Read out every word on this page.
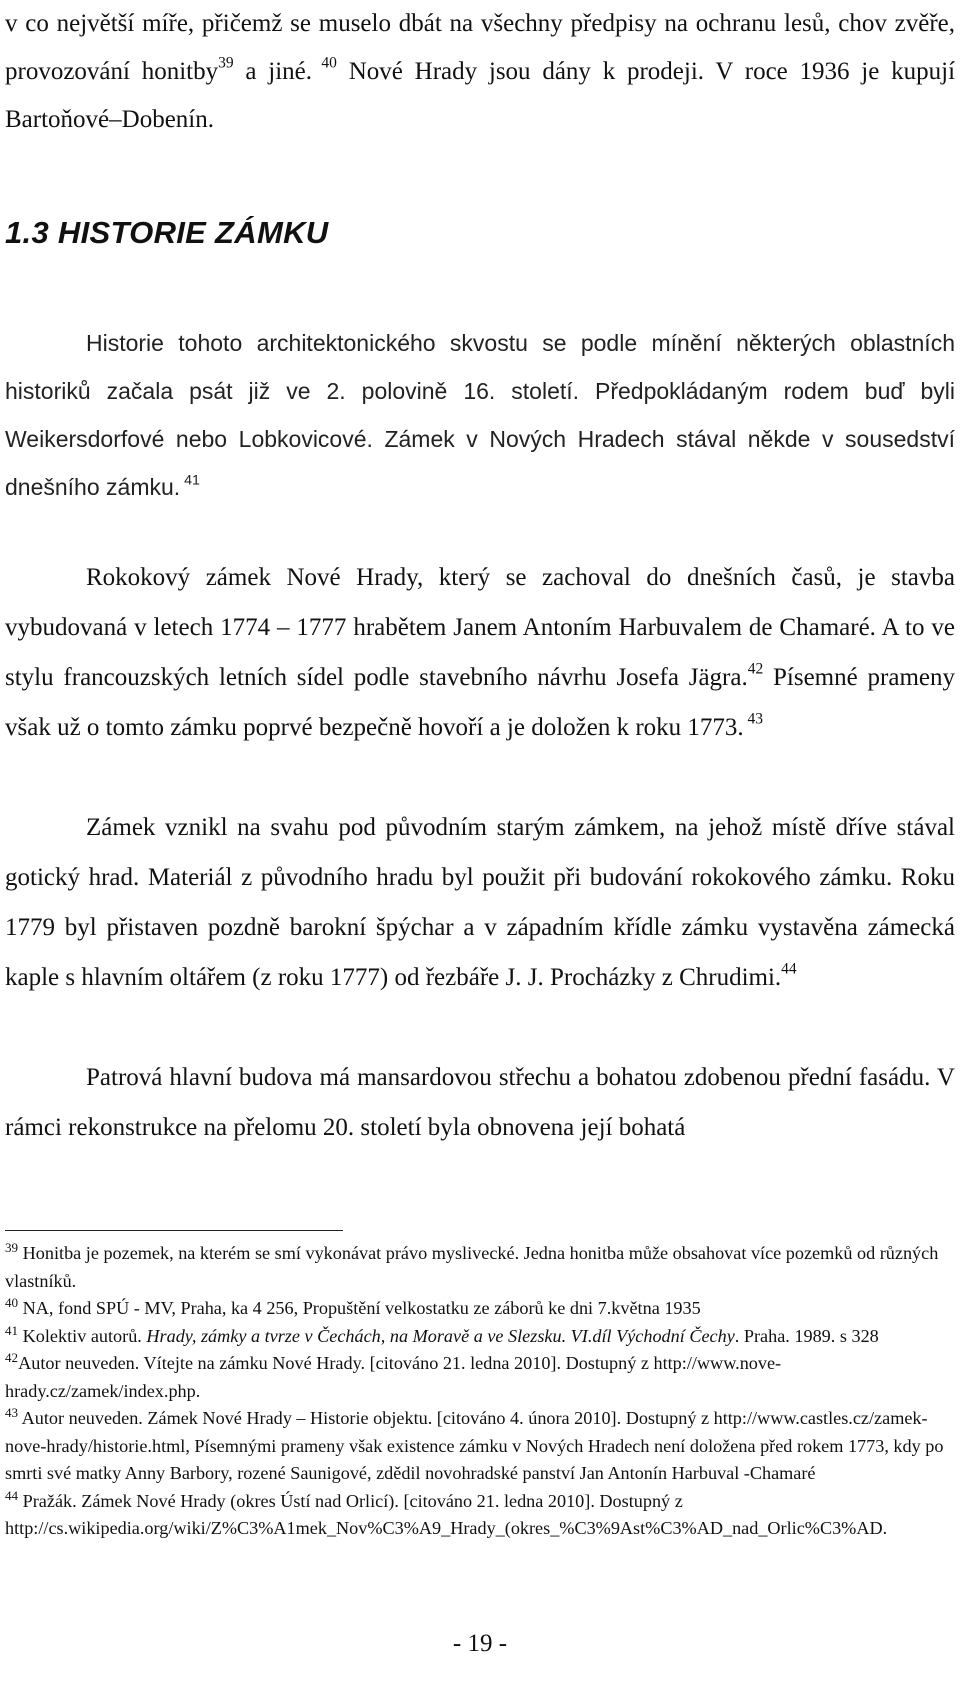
v co největší míře, přičemž se muselo dbát na všechny předpisy na ochranu lesů, chov zvěře, provozování honitby$^{39}$ a jiné. $^{40}$ Nové Hrady jsou dány k prodeji. V roce 1936 je kupují Bartoňové–Dobenín.

1.3 HISTORIE ZÁMKU

Historie tohoto architektonického skvostu se podle mínění některých oblastních historiků začala psát již ve 2. polovině 16. století. Předpokládaným rodem buď byli Weikersdorfové nebo Lobkovicové. Zámek v Nových Hradech stával někde v sousedství dnešního zámku. $^{41}$

Rokokový zámek Nové Hrady, který se zachoval do dnešních časů, je stavba vybudovaná v letech 1774 – 1777 hrabětem Janem Antoním Harbuvalem de Chamaré. A to ve stylu francouzských letních sídel podle stavebního návrhu Josefa Jägra.$^{42}$ Písemné prameny však už o tomto zámku poprvé bezpečně hovoří a je doložen k roku 1773. $^{43}$

Zámek vznikl na svahu pod původním starým zámkem, na jehož místě dříve stával gotický hrad. Materiál z původního hradu byl použit při budování rokokového zámku. Roku 1779 byl přistaven pozdně barokní špýchar a v západním křídle zámku vystavěna zámecká kaple s hlavním oltářem (z roku 1777) od řezbáře J. J. Procházky z Chrudimi.$^{44}$

Patrová hlavní budova má mansardovou střechu a bohatou zdobenou přední fasádu. V rámci rekonstrukce na přelomu 20. století byla obnovena její bohatá

$^{39}$ Honitba je pozemek, na kterém se smí vykonávat právo myslivecké. Jedna honitba může obsahovat více pozemků od různých vlastníků.

$^{40}$ NA, fond SPÚ - MV, Praha, ka 4 256, Propuštění velkostatku ze záborů ke dni 7.května 1935

$^{41}$ Kolektiv autorů. Hrady, zámky a tvrze v Čechách, na Moravě a ve Slezsku. VI.díl Východní Čechy. Praha. 1989. s 328

$^{42}$Autor neuveden. Vítejte na zámku Nové Hrady. [citováno 21. ledna 2010]. Dostupný z http://www.nove-hrady.cz/zamek/index.php.

$^{43}$ Autor neuveden. Zámek Nové Hrady – Historie objektu. [citováno 4. února 2010]. Dostupný z http://www.castles.cz/zamek-nove-hrady/historie.html, Písemnými prameny však existence zámku v Nových Hradech není doložena před rokem 1773, kdy po smrti své matky Anny Barbory, rozené Saunigové, zdědil novohradské panství Jan Antonín Harbuval -Chamaré

$^{44}$ Pražák. Zámek Nové Hrady (okres Ústí nad Orlicí). [citováno 21. ledna 2010]. Dostupný z http://cs.wikipedia.org/wiki/Z%C3%A1mek_Nov%C3%A9_Hrady_(okres_%C3%9Ast%C3%AD_nad_Orlic%C3%AD.

- 19 -
